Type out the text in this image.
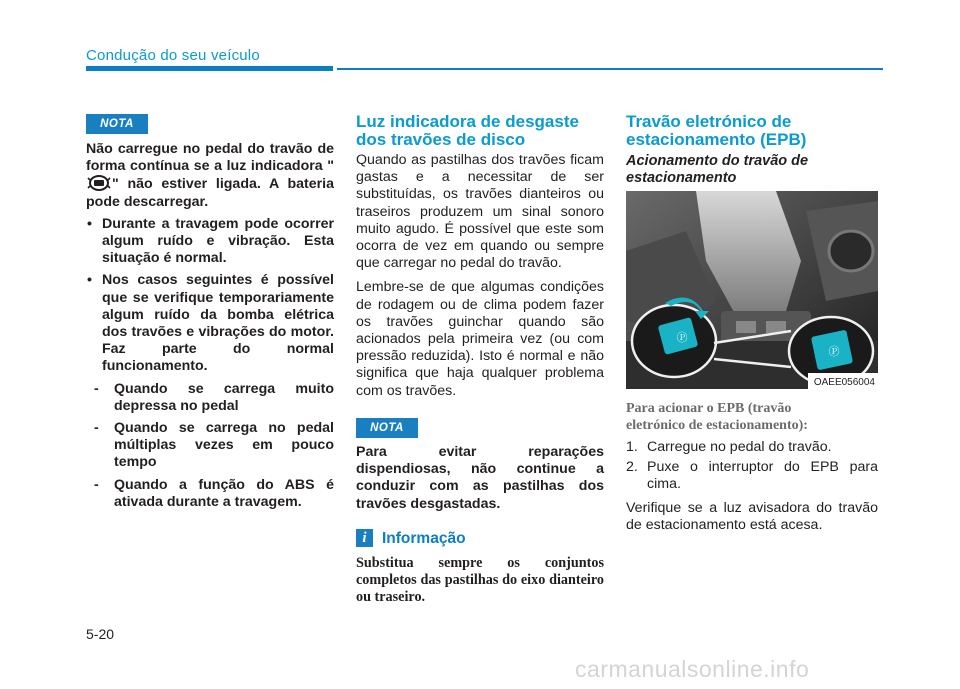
Condução do seu veículo
NOTA

Não carregue no pedal do travão de forma contínua se a luz indicadora "" não estiver ligada. A bateria pode descarregar.

• Durante a travagem pode ocorrer algum ruído e vibração. Esta situação é normal.

• Nos casos seguintes é possível que se verifique temporariamente algum ruído da bomba elétrica dos travões e vibrações do motor. Faz parte do normal funcionamento.

- Quando se carrega muito depressa no pedal

- Quando se carrega no pedal múltiplas vezes em pouco tempo

- Quando a função do ABS é ativada durante a travagem.

Luz indicadora de desgaste
dos travões de disco

Quando as pastilhas dos travões ficam gastas e a necessitar de ser substituídas, os travões dianteiros ou traseiros produzem um sinal sonoro muito agudo. É possível que este som ocorra de vez em quando ou sempre que carregar no pedal do travão.

Lembre-se de que algumas condições de rodagem ou de clima podem fazer os travões guinchar quando são acionados pela primeira vez (ou com pressão reduzida). Isto é normal e não significa que haja qualquer problema com os travões.

NOTA

Para evitar reparações dispendiosas, não continue a conduzir com as pastilhas dos travões desgastadas.

i Informação

Substitua sempre os conjuntos completos das pastilhas do eixo dianteiro ou traseiro.

Travão eletrónico de
estacionamento (EPB)
Acionamento do travão de
estacionamento
Ⓟ
Ⓟ
OAEE056004
Para acionar o EPB (travão
eletrónico de estacionamento):

1. Carregue no pedal do travão.

2. Puxe o interruptor do EPB para cima.

Verifique se a luz avisadora do travão de estacionamento está acesa.

5-20
carmanualsonline.info
